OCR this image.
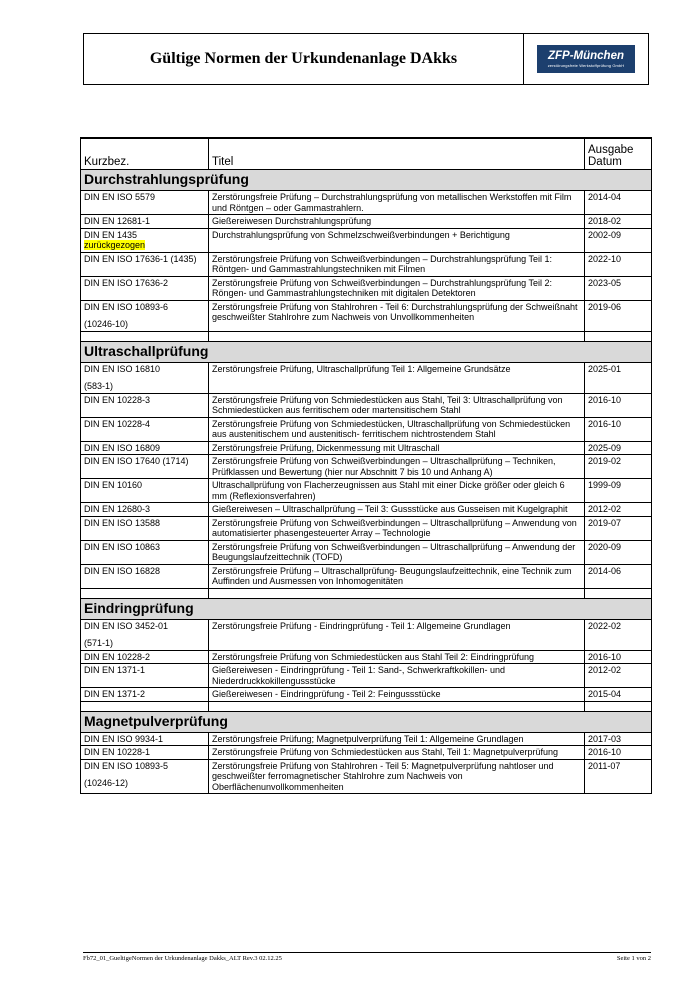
Gültige Normen der Urkundenanlage DAkks	ZFP-München
zerstörungsfreie Werkstoffprüfung GmbH
Kurzbez.	Titel	Ausgabe Datum
Durchstrahlungsprüfung		
DIN EN ISO 5579	Zerstörungsfreie Prüfung – Durchstrahlungsprüfung von metallischen Werkstoffen mit Film und Röntgen – oder Gammastrahlern.	2014-04
DIN EN 12681-1	Gießereiwesen Durchstrahlungsprüfung	2018-02
DIN EN 1435
zurückgezogen	Durchstrahlungsprüfung von Schmelzschweißverbindungen + Berichtigung	2002-09
DIN EN ISO 17636-1 (1435)	Zerstörungsfreie Prüfung von Schweißverbindungen – Durchstrahlungsprüfung Teil 1: Röntgen- und Gammastrahlungstechniken mit Filmen	2022-10
DIN EN ISO 17636-2	Zerstörungsfreie Prüfung von Schweißverbindungen – Durchstrahlungsprüfung Teil 2: Röngen- und Gammastrahlungstechniken mit digitalen Detektoren	2023-05
DIN EN ISO 10893-6
(10246-10)	Zerstörungsfreie Prüfung von Stahlrohren - Teil 6: Durchstrahlungsprüfung der Schweißnaht geschweißter Stahlrohre zum Nachweis von Unvollkommenheiten	2019-06

Ultraschallprüfung		
DIN EN ISO 16810
(583-1)	Zerstörungsfreie Prüfung, Ultraschallprüfung Teil 1: Allgemeine Grundsätze	2025-01
DIN EN 10228-3	Zerstörungsfreie Prüfung von Schmiedestücken aus Stahl, Teil 3: Ultraschallprüfung von Schmiedestücken aus ferritischem oder martensitischem Stahl	2016-10
DIN EN 10228-4	Zerstörungsfreie Prüfung von Schmiedestücken, Ultraschallprüfung von Schmiedestücken aus austenitischem und austenitisch- ferritischem nichtrostendem Stahl	2016-10
DIN EN ISO 16809	Zerstörungsfreie Prüfung, Dickenmessung mit Ultraschall	2025-09
DIN EN ISO 17640 (1714)	Zerstörungsfreie Prüfung von Schweißverbindungen – Ultraschallprüfung – Techniken, Prüfklassen und Bewertung (hier nur Abschnitt 7 bis 10 und Anhang A)	2019-02
DIN EN 10160	Ultraschallprüfung von Flacherzeugnissen aus Stahl mit einer Dicke größer oder gleich 6 mm (Reflexionsverfahren)	1999-09
DIN EN 12680-3	Gießereiwesen – Ultraschallprüfung – Teil 3: Gussstücke aus Gusseisen mit Kugelgraphit	2012-02
DIN EN ISO 13588	Zerstörungsfreie Prüfung von Schweißverbindungen – Ultraschallprüfung – Anwendung von automatisierter phasengesteuerter Array – Technologie	2019-07
DIN EN ISO 10863	Zerstörungsfreie Prüfung von Schweißverbindungen – Ultraschallprüfung – Anwendung der Beugungslaufzeittechnik (TOFD)	2020-09
DIN EN ISO 16828	Zerstörungsfreie Prüfung – Ultraschallprüfung- Beugungslaufzeittechnik, eine Technik zum Auffinden und Ausmessen von Inhomogenitäten	2014-06

Eindringprüfung		
DIN EN ISO 3452-01
(571-1)	Zerstörungsfreie Prüfung - Eindringprüfung - Teil 1: Allgemeine Grundlagen	2022-02
DIN EN 10228-2	Zerstörungsfreie Prüfung von Schmiedestücken aus Stahl Teil 2: Eindringprüfung	2016-10
DIN EN 1371-1	Gießereiwesen - Eindringprüfung - Teil 1: Sand-, Schwerkraftkokillen- und Niederdruckkokillengussstücke	2012-02
DIN EN 1371-2	Gießereiwesen - Eindringprüfung - Teil 2: Feingussstücke	2015-04

Magnetpulverprüfung		
DIN EN ISO 9934-1	Zerstörungsfreie Prüfung; Magnetpulverprüfung Teil 1: Allgemeine Grundlagen	2017-03
DIN EN 10228-1	Zerstörungsfreie Prüfung von Schmiedestücken aus Stahl, Teil 1: Magnetpulverprüfung	2016-10
DIN EN ISO 10893-5
(10246-12)	Zerstörungsfreie Prüfung von Stahlrohren - Teil 5: Magnetpulverprüfung nahtloser und geschweißter ferromagnetischer Stahlrohre zum Nachweis von Oberflächenunvollkommenheiten	2011-07
Fb72_01_GueltigeNormen der Urkundenanlage Dakks_ALT Rev.3 02.12.25	Seite 1 von 2
